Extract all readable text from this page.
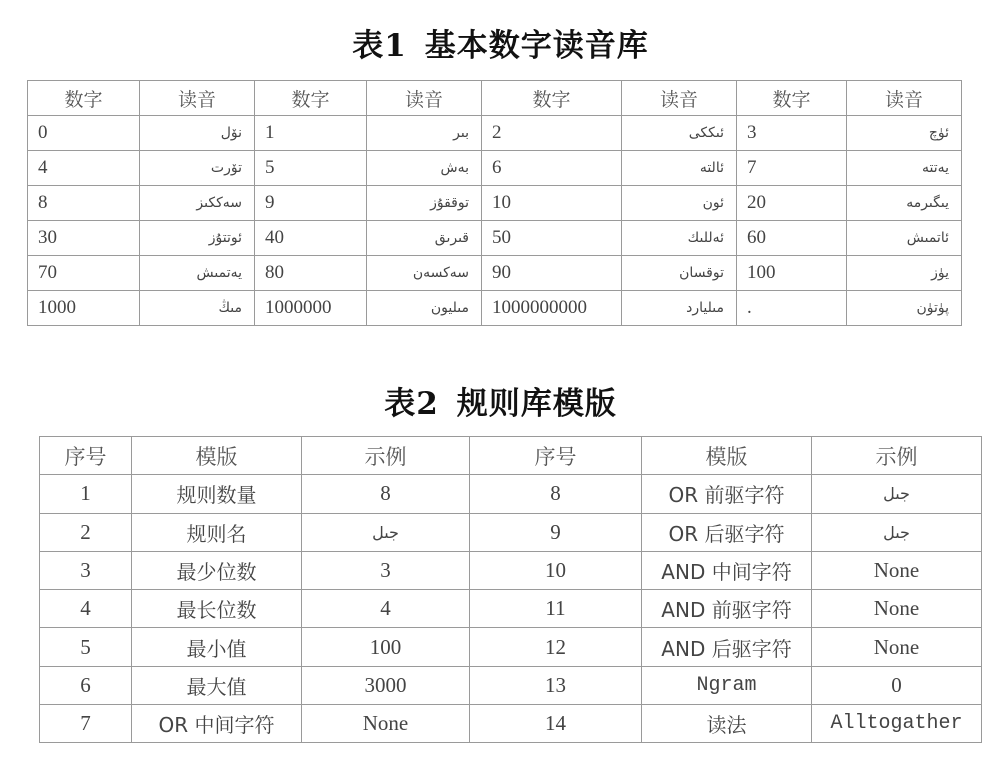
表1 基本数字读音库
数字	读音	数字	读音	数字	读音	数字	读音
0	نۆل	1	بىر	2	ئىككى	3	ئۈچ
4	تۆرت	5	بەش	6	ئالتە	7	يەتتە
8	سەككىز	9	توققۇز	10	ئون	20	يىگىرمە
30	ئوتتۇز	40	قىرىق	50	ئەللىك	60	ئاتمىش
70	يەتمىش	80	سەكسەن	90	توقسان	100	يۈز
1000	مىڭ	1000000	مىليون	1000000000	مىليارد	.	پۈتۈن
表2 规则库模版
序号	模版	示例	序号	模版	示例
1	规则数量	8	8	OR 前驱字符	جىل
2	规则名	جىل	9	OR 后驱字符	جىل
3	最少位数	3	10	AND 中间字符	None
4	最长位数	4	11	AND 前驱字符	None
5	最小值	100	12	AND 后驱字符	None
6	最大值	3000	13	Ngram	0
7	OR 中间字符	None	14	读法	Alltogather
